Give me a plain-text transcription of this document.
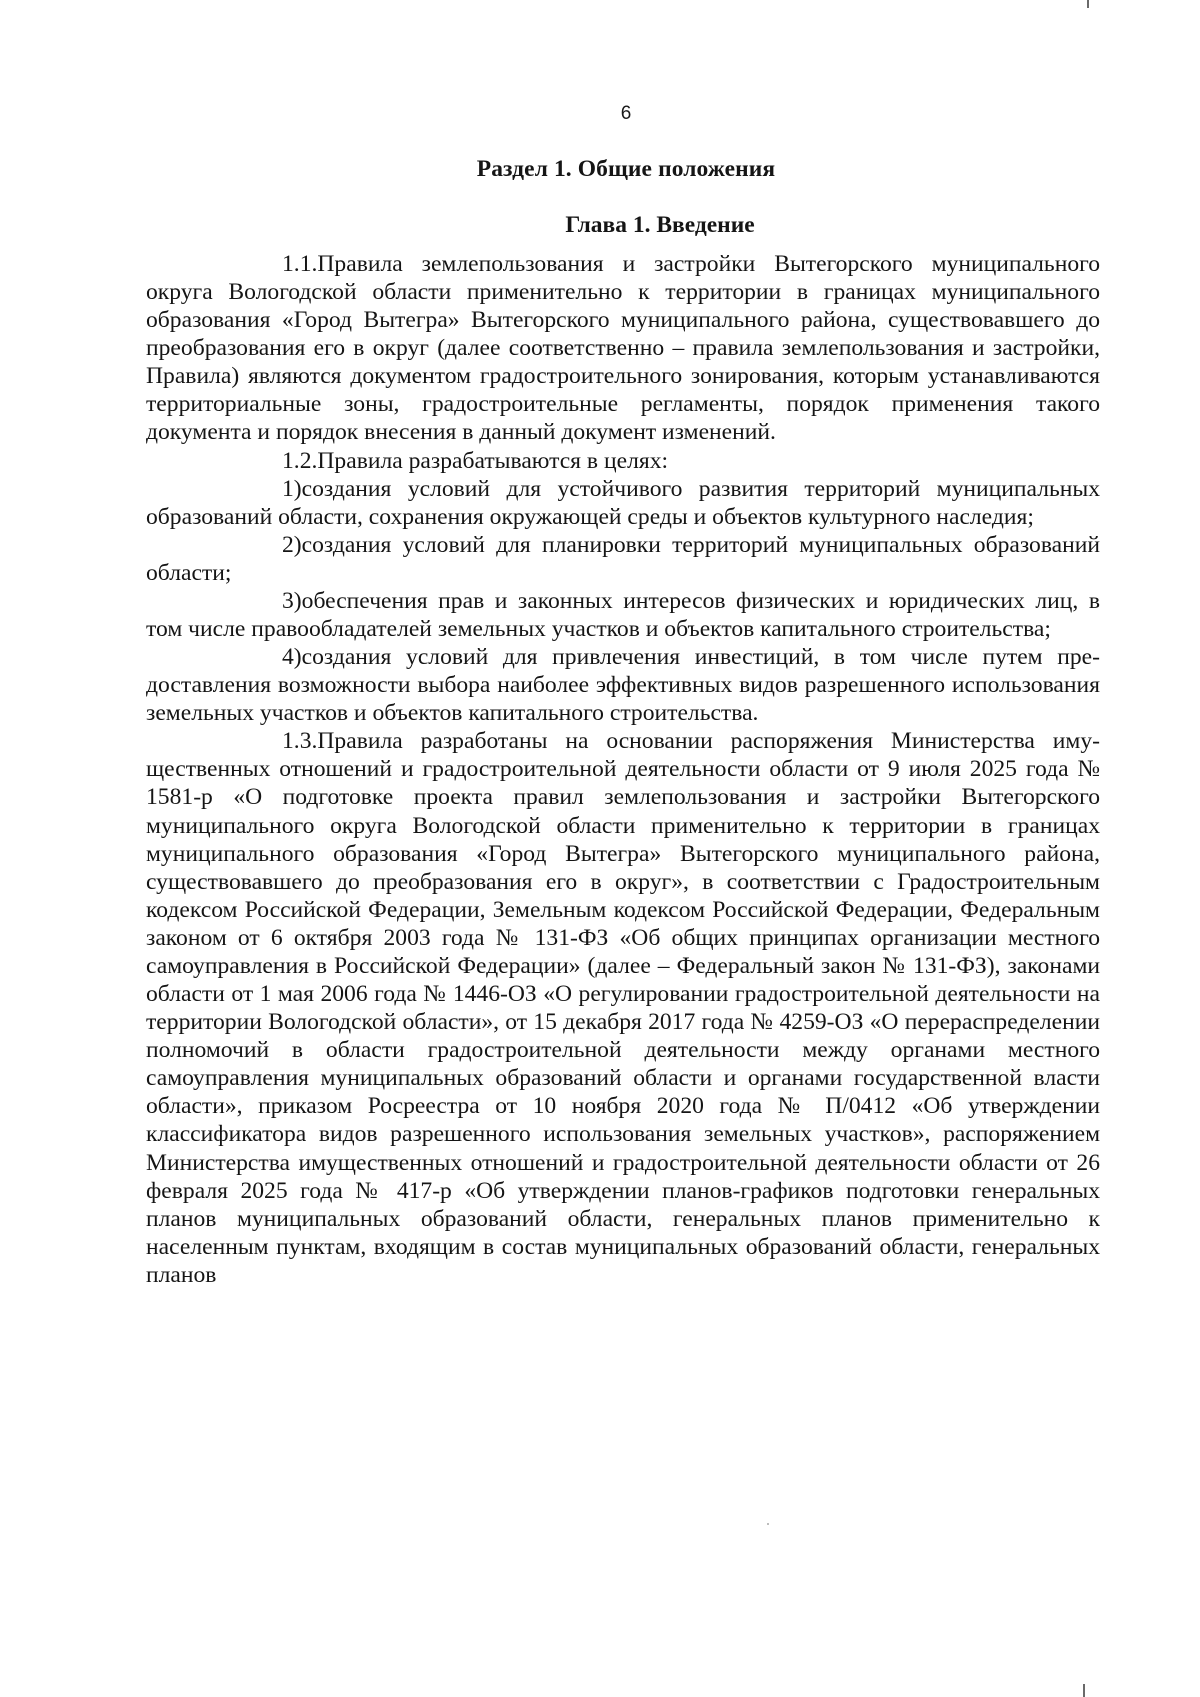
6
Раздел 1. Общие положения
Глава 1. Введение

1.1.Правила землепользования и застройки Вытегорского муниципального округа Вологодской области применительно к территории в границах муниципального образования «Город Вытегра» Вытегорского муниципального района, существовавшего до преобразования его в округ (далее соответственно – правила землепользования и застройки, Правила) являются документом градостроительного зонирования, которым устанавливаются территориальные зоны, градостроительные регламенты, порядок применения такого документа и порядок внесения в данный документ изменений.

1.2.Правила разрабатываются в целях:

1)создания условий для устойчивого развития территорий муниципальных образований области, сохранения окружающей среды и объектов культурного наследия;

2)создания условий для планировки территорий муниципальных образований области;

3)обеспечения прав и законных интересов физических и юридических лиц, в том числе правообладателей земельных участков и объектов капитального строительства;

4)создания условий для привлечения инвестиций, в том числе путем предоставления возможности выбора наиболее эффективных видов разрешенного использования земельных участков и объектов капитального строительства.

1.3.Правила разработаны на основании распоряжения Министерства имущественных отношений и градостроительной деятельности области от 9 июля 2025 года № 1581-р «О подготовке проекта правил землепользования и застройки Вытегорского муниципального округа Вологодской области применительно к территории в границах муниципального образования «Город Вытегра» Вытегорского муниципального района, существовавшего до преобразования его в округ», в соответствии с Градостроительным кодексом Российской Федерации, Земельным кодексом Российской Федерации, Федеральным законом от 6 октября 2003 года № 131-ФЗ «Об общих принципах организации местного самоуправления в Российской Федерации» (далее – Федеральный закон № 131-ФЗ), законами области от 1 мая 2006 года № 1446-ОЗ «О регулировании градостроительной деятельности на территории Вологодской области», от 15 декабря 2017 года № 4259-ОЗ «О перераспределении полномочий в области градостроительной деятельности между органами местного самоуправления муниципальных образований области и органами государственной власти области», приказом Росреестра от 10 ноября 2020 года № П/0412 «Об утверждении классификатора видов разрешенного использования земельных участков», распоряжением Министерства имущественных отношений и градостроительной деятельности области от 26 февраля 2025 года № 417-р «Об утверждении планов-графиков подготовки генеральных планов муниципальных образований области, генеральных планов применительно к населенным пунктам, входящим в состав муниципальных образований области, генеральных планов
